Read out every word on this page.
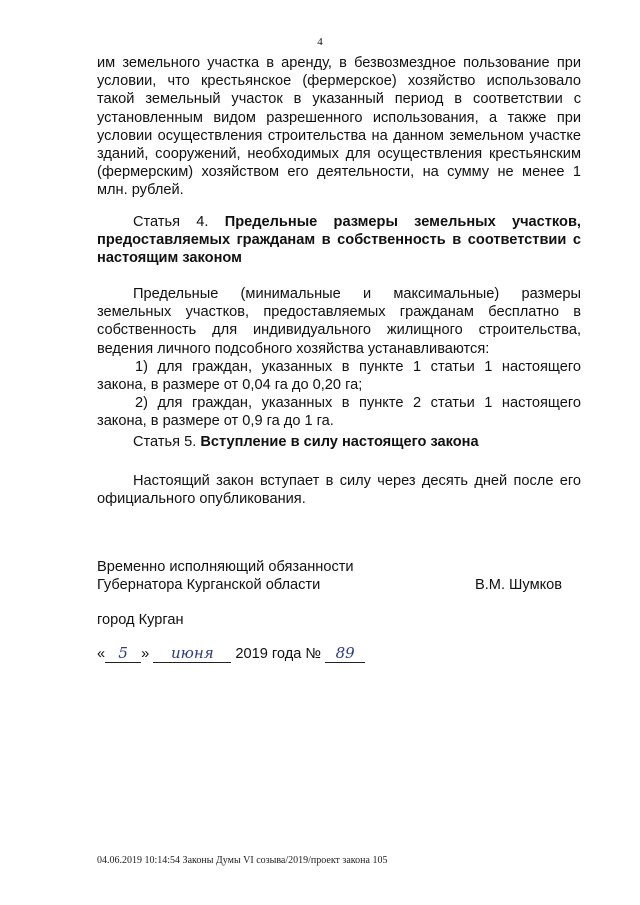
4
им земельного участка в аренду, в безвозмездное пользование при условии, что крестьянское (фермерское) хозяйство использовало такой земельный участок в указанный период в соответствии с установленным видом разрешенного использования, а также при условии осуществления строительства на данном земельном участке зданий, сооружений, необходимых для осуществления крестьянским (фермерским) хозяйством его деятельности, на сумму не менее 1 млн. рублей.
Статья 4. Предельные размеры земельных участков, предоставляемых гражданам в собственность в соответствии с настоящим законом
Предельные (минимальные и максимальные) размеры земельных участков, предоставляемых гражданам бесплатно в собственность для индивидуального жилищного строительства, ведения личного подсобного хозяйства устанавливаются:
1) для граждан, указанных в пункте 1 статьи 1 настоящего закона, в размере от 0,04 га до 0,20 га;
2) для граждан, указанных в пункте 2 статьи 1 настоящего закона, в размере от 0,9 га до 1 га.
Статья 5. Вступление в силу настоящего закона
Настоящий закон вступает в силу через десять дней после его официального опубликования.
Временно исполняющий обязанности
Губернатора Курганской области	В.М. Шумков
город Курган
« 5 » июня 2019 года № 89
04.06.2019 10:14:54 Законы Думы VI созыва/2019/проект закона 105
